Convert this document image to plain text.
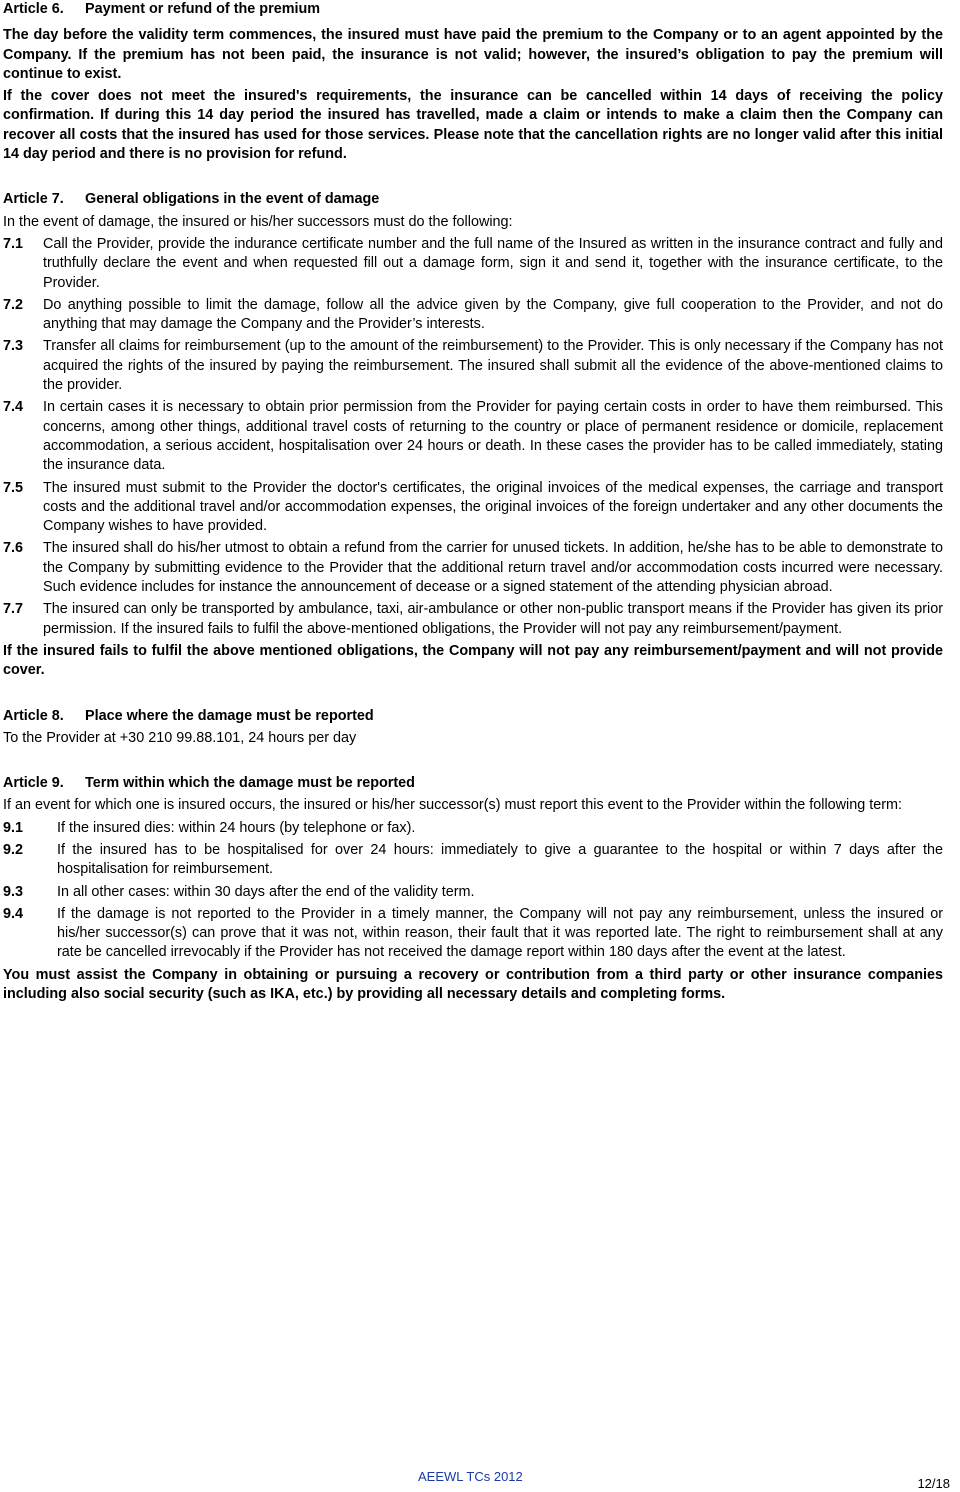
Article 6. Payment or refund of the premium

The day before the validity term commences, the insured must have paid the premium to the Company or to an agent appointed by the Company. If the premium has not been paid, the insurance is not valid; however, the insured’s obligation to pay the premium will continue to exist.

If the cover does not meet the insured's requirements, the insurance can be cancelled within 14 days of receiving the policy confirmation. If during this 14 day period the insured has travelled, made a claim or intends to make a claim then the Company can recover all costs that the insured has used for those services. Please note that the cancellation rights are no longer valid after this initial 14 day period and there is no provision for refund.

Article 7. General obligations in the event of damage

In the event of damage, the insured or his/her successors must do the following:

7.1	Call the Provider, provide the indurance certificate number and the full name of the Insured as written in the insurance contract and fully and truthfully declare the event and when requested fill out a damage form, sign it and send it, together with the insurance certificate, to the Provider.
7.2	Do anything possible to limit the damage, follow all the advice given by the Company, give full cooperation to the Provider, and not do anything that may damage the Company and the Provider’s interests.
7.3	Transfer all claims for reimbursement (up to the amount of the reimbursement) to the Provider. This is only necessary if the Company has not acquired the rights of the insured by paying the reimbursement. The insured shall submit all the evidence of the above-mentioned claims to the provider.
7.4	In certain cases it is necessary to obtain prior permission from the Provider for paying certain costs in order to have them reimbursed. This concerns, among other things, additional travel costs of returning to the country or place of permanent residence or domicile, replacement accommodation, a serious accident, hospitalisation over 24 hours or death. In these cases the provider has to be called immediately, stating the insurance data.
7.5	The insured must submit to the Provider the doctor's certificates, the original invoices of the medical expenses, the carriage and transport costs and the additional travel and/or accommodation expenses, the original invoices of the foreign undertaker and any other documents the Company wishes to have provided.
7.6	The insured shall do his/her utmost to obtain a refund from the carrier for unused tickets. In addition, he/she has to be able to demonstrate to the Company by submitting evidence to the Provider that the additional return travel and/or accommodation costs incurred were necessary. Such evidence includes for instance the announcement of decease or a signed statement of the attending physician abroad.
7.7	The insured can only be transported by ambulance, taxi, air-ambulance or other non-public transport means if the Provider has given its prior permission. If the insured fails to fulfil the above-mentioned obligations, the Provider will not pay any reimbursement/payment.

If the insured fails to fulfil the above mentioned obligations, the Company will not pay any reimbursement/payment and will not provide cover.

Article 8. Place where the damage must be reported

To the Provider at +30 210 99.88.101, 24 hours per day

Article 9. Term within which the damage must be reported

If an event for which one is insured occurs, the insured or his/her successor(s) must report this event to the Provider within the following term:

9.1	If the insured dies: within 24 hours (by telephone or fax).
9.2	If the insured has to be hospitalised for over 24 hours: immediately to give a guarantee to the hospital or within 7 days after the hospitalisation for reimbursement.
9.3	In all other cases: within 30 days after the end of the validity term.
9.4	If the damage is not reported to the Provider in a timely manner, the Company will not pay any reimbursement, unless the insured or his/her successor(s) can prove that it was not, within reason, their fault that it was reported late. The right to reimbursement shall at any rate be cancelled irrevocably if the Provider has not received the damage report within 180 days after the event at the latest.

You must assist the Company in obtaining or pursuing a recovery or contribution from a third party or other insurance companies including also social security (such as IKA, etc.) by providing all necessary details and completing forms.

AEEWL TCs 2012	12/18
